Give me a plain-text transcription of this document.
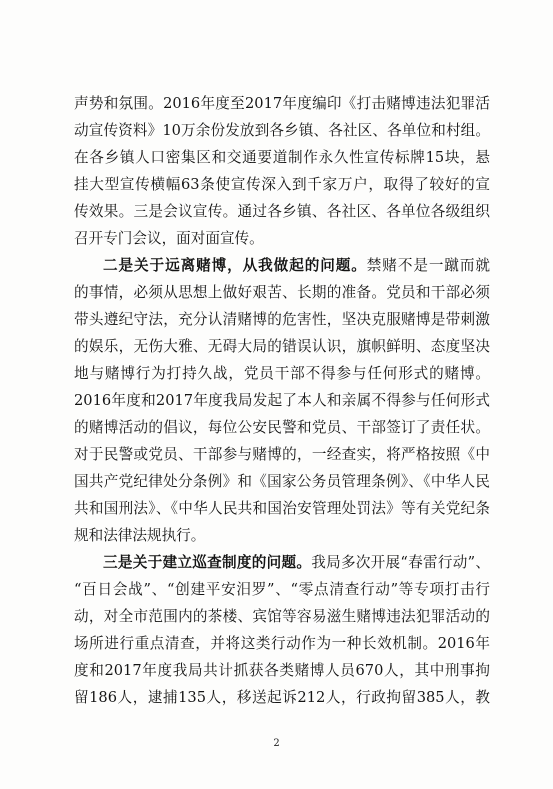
声势和氛围。2016年度至2017年度编印《打击赌博违法犯罪活
动宣传资料》10万余份发放到各乡镇、各社区、各单位和村组。
在各乡镇人口密集区和交通要道制作永久性宣传标牌15块，悬
挂大型宣传横幅63条使宣传深入到千家万户，取得了较好的宣
传效果。三是会议宣传。通过各乡镇、各社区、各单位各级组织
召开专门会议，面对面宣传。
二是关于远离赌博，从我做起的问题。禁赌不是一蹴而就
的事情，必须从思想上做好艰苦、长期的准备。党员和干部必须
带头遵纪守法，充分认清赌博的危害性，坚决克服赌博是带刺激
的娱乐，无伤大雅、无碍大局的错误认识，旗帜鲜明、态度坚决
地与赌博行为打持久战，党员干部不得参与任何形式的赌博。
2016年度和2017年度我局发起了本人和亲属不得参与任何形式
的赌博活动的倡议，每位公安民警和党员、干部签订了责任状。
对于民警或党员、干部参与赌博的，一经查实，将严格按照《中
国共产党纪律处分条例》和《国家公务员管理条例》、《中华人民
共和国刑法》、《中华人民共和国治安管理处罚法》等有关党纪条
规和法律法规执行。
三是关于建立巡查制度的问题。我局多次开展“春雷行动”、
“百日会战”、“创建平安汨罗”、“零点清查行动”等专项打击行
动，对全市范围内的茶楼、宾馆等容易滋生赌博违法犯罪活动的
场所进行重点清查，并将这类行动作为一种长效机制。2016年
度和2017年度我局共计抓获各类赌博人员670人，其中刑事拘
留186人，逮捕135人，移送起诉212人，行政拘留385人，教
2
